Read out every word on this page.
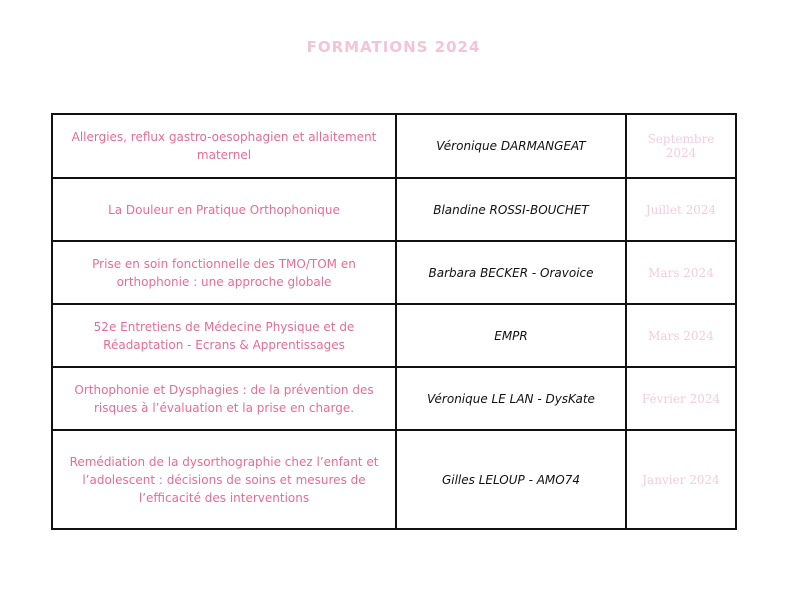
FORMATIONS 2024
Allergies, reflux gastro-oesophagien et allaitement maternel	Véronique DARMANGEAT	Septembre 2024
La Douleur en Pratique Orthophonique	Blandine ROSSI-BOUCHET	Juillet 2024
Prise en soin fonctionnelle des TMO/TOM en orthophonie : une approche globale	Barbara BECKER - Oravoice	Mars 2024
52e Entretiens de Médecine Physique et de Réadaptation - Ecrans & Apprentissages	EMPR	Mars 2024
Orthophonie et Dysphagies : de la prévention des risques à l’évaluation et la prise en charge.	Véronique LE LAN - DysKate	Février 2024
Remédiation de la dysorthographie chez l’enfant et l’adolescent : décisions de soins et mesures de l’efficacité des interventions	Gilles LELOUP - AMO74	Janvier 2024
